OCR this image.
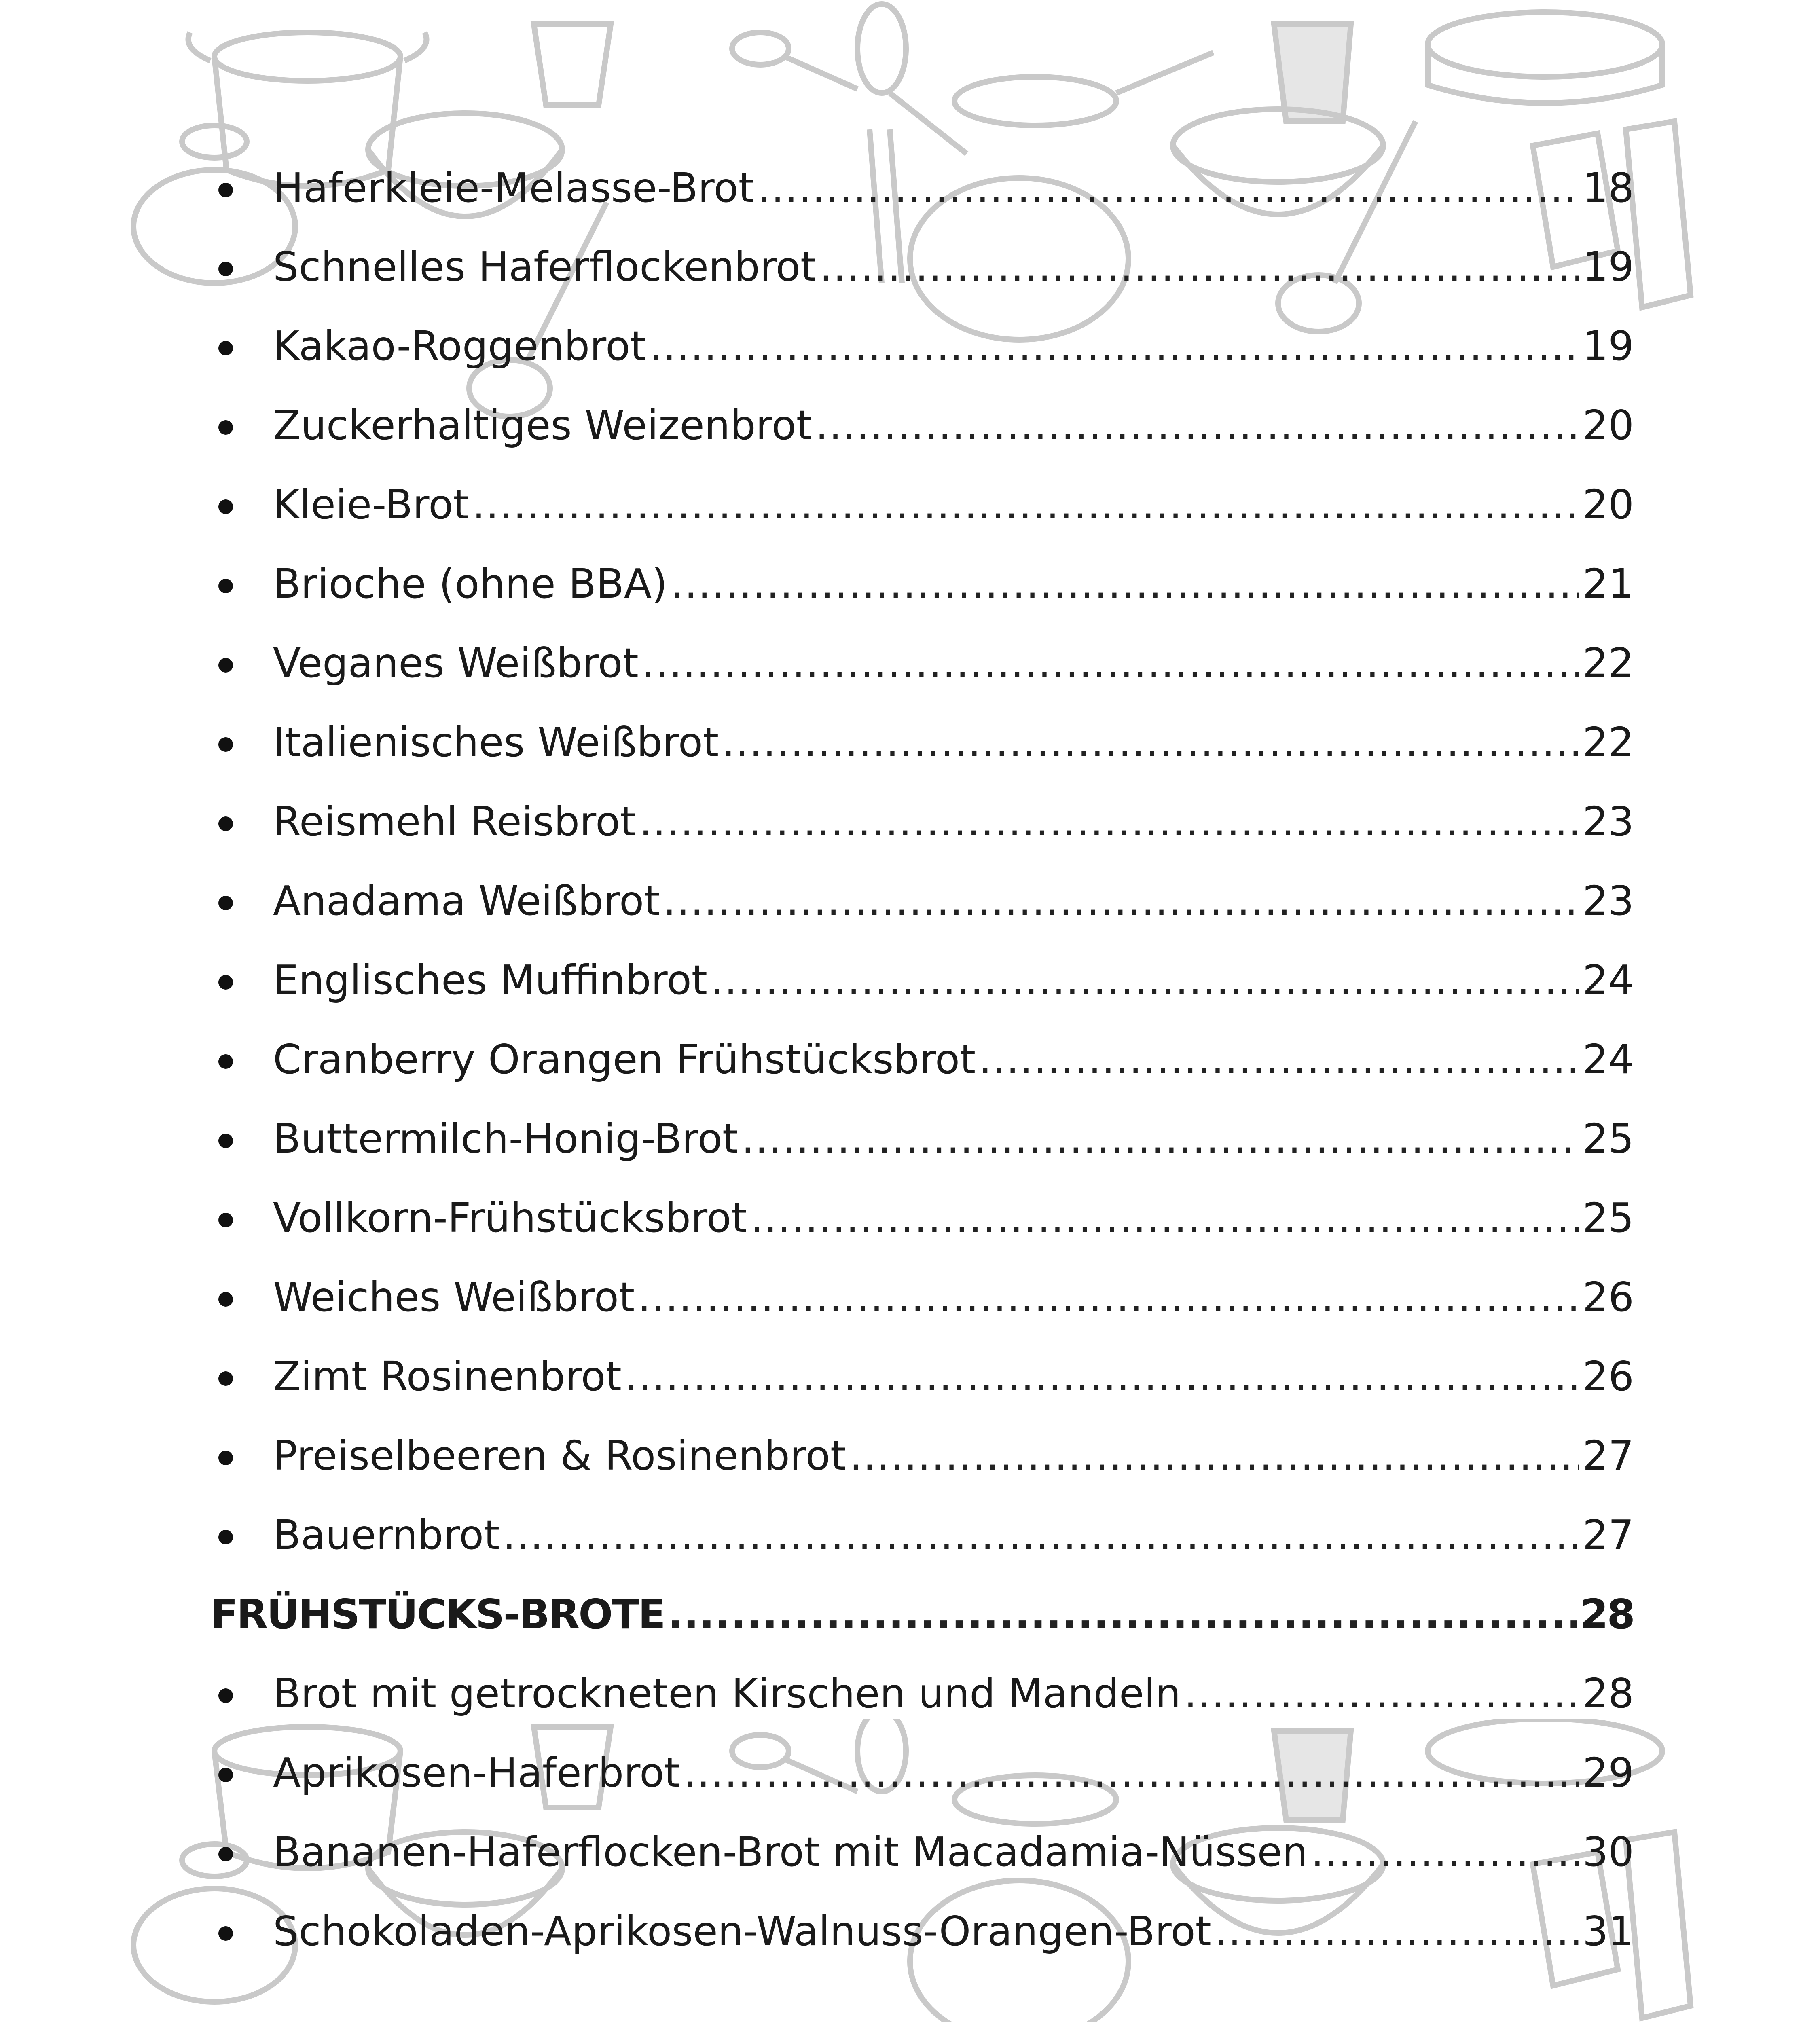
Haferkleie-Melasse-Brot .....	18
Schnelles Haferflockenbrot .....	19
Kakao-Roggenbrot .....	19
Zuckerhaltiges Weizenbrot .....	20
Kleie-Brot .....	20
Brioche (ohne BBA) .....	21
Veganes Weißbrot .....	22
Italienisches Weißbrot .....	22
Reismehl Reisbrot .....	23
Anadama Weißbrot .....	23
Englisches Muffinbrot .....	24
Cranberry Orangen Frühstücksbrot .....	24
Buttermilch-Honig-Brot .....	25
Vollkorn-Frühstücksbrot .....	25
Weiches Weißbrot .....	26
Zimt Rosinenbrot .....	26
Preiselbeeren & Rosinenbrot .....	27
Bauernbrot .....	27
FRÜHSTÜCKS-BROTE .....	28
Brot mit getrockneten Kirschen und Mandeln .....	28
Aprikosen-Haferbrot .....	29
Bananen-Haferflocken-Brot mit Macadamia-Nüssen .....	30
Schokoladen-Aprikosen-Walnuss-Orangen-Brot .....	31
